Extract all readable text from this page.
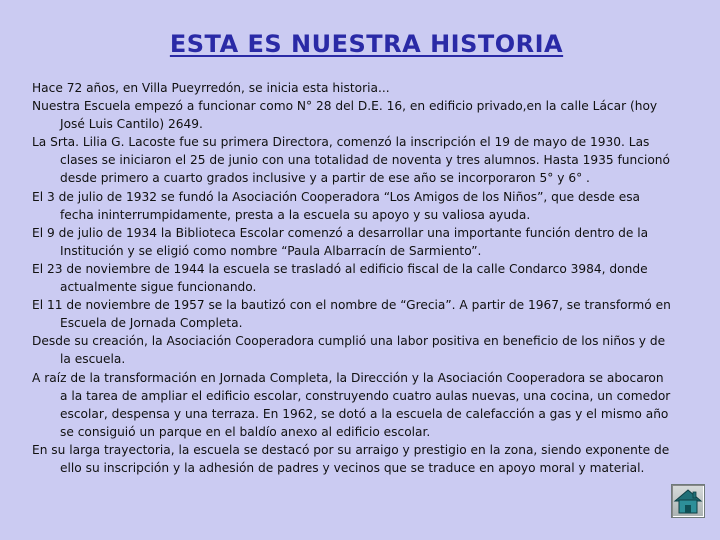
ESTA ES NUESTRA HISTORIA

Hace 72 años, en Villa Pueyrredón, se inicia esta historia...

Nuestra Escuela empezó a funcionar como N° 28 del D.E. 16, en edificio privado,en la calle Lácar (hoy José Luis Cantilo) 2649.

La Srta. Lilia G. Lacoste fue su primera Directora, comenzó la inscripción el 19 de mayo de 1930. Las clases se iniciaron el 25 de junio con una totalidad de noventa y tres alumnos. Hasta 1935 funcionó desde primero a cuarto grados inclusive y a partir de ese año se incorporaron 5° y 6° .

El 3 de julio de 1932 se fundó la Asociación Cooperadora “Los Amigos de los Niños”, que desde esa fecha ininterrumpidamente, presta a la escuela su apoyo y su valiosa ayuda.

El 9 de julio de 1934 la Biblioteca Escolar comenzó a desarrollar una importante función dentro de la Institución y se eligió como nombre “Paula Albarracín de Sarmiento”.

El 23 de noviembre de 1944 la escuela se trasladó al edificio fiscal de la calle Condarco 3984, donde actualmente sigue funcionando.

El 11 de noviembre de 1957 se la bautizó con el nombre de “Grecia”. A partir de 1967, se transformó en Escuela de Jornada Completa.

Desde su creación, la Asociación Cooperadora cumplió una labor positiva en beneficio de los niños y de la escuela.

A raíz de la transformación en Jornada Completa, la Dirección y la Asociación Cooperadora se abocaron a la tarea de ampliar el edificio escolar, construyendo cuatro aulas nuevas, una cocina, un comedor escolar, despensa y una terraza. En 1962, se dotó a la escuela de calefacción a gas y el mismo año se consiguió un parque en el baldío anexo al edificio escolar.

En su larga trayectoria, la escuela se destacó por su arraigo y prestigio en la zona, siendo exponente de ello su inscripción y la adhesión de padres y vecinos que se traduce en apoyo moral y material.
